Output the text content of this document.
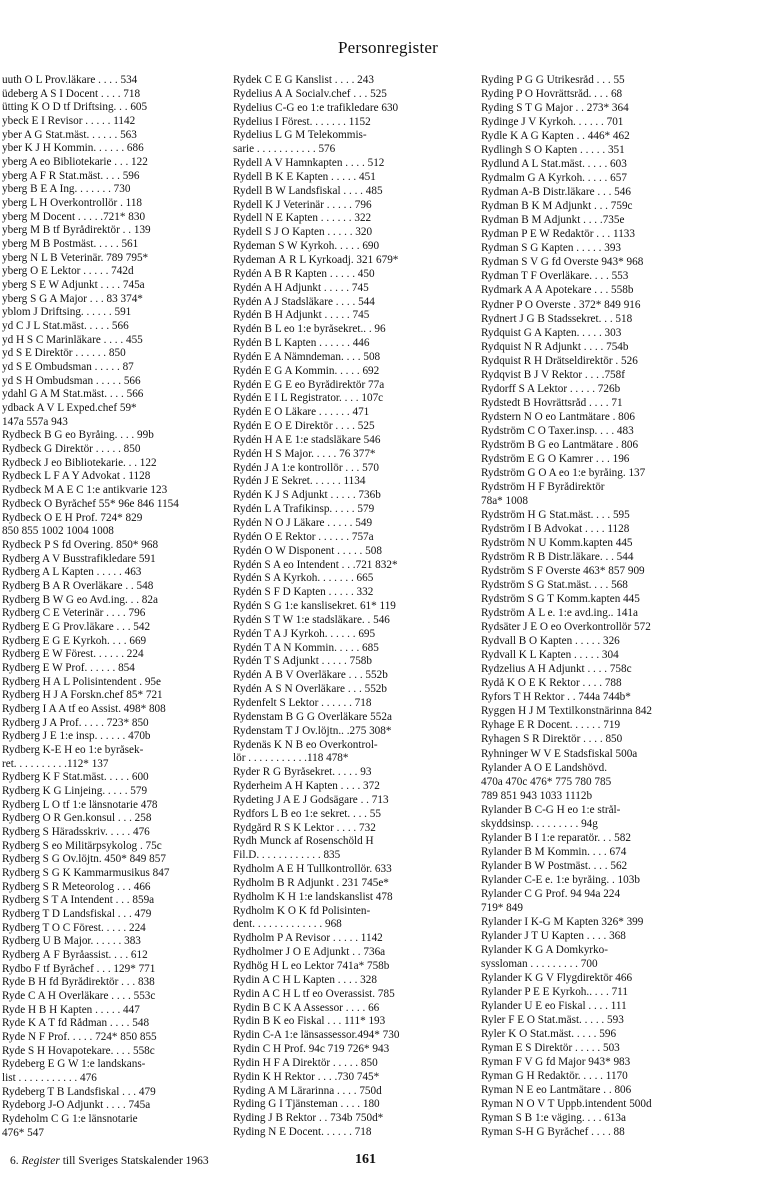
Personregister
uuth O L Prov.läkare . . . . 534
üdeberg A S I Docent . . . . 718
ütting K O D tf Driftsing. . . 605
ybeck E I Revisor . . . . . 1142
yber A G Stat.mäst. . . . . . 563
yber K J H Kommin. . . . . . 686
yberg A eo Bibliotekarie . . . 122
yberg A F R Stat.mäst. . . . 596
yberg B E A Ing. . . . . . . 730
yberg L H Överkontrollör . 118
yberg M Docent . . . . .721* 830
yberg M B tf Byrådirektör . . 139
yberg M B Postmäst. . . . . 561
yberg N L B Veterinär. 789 795*
yberg O E Lektor . . . . . 742d
yberg S E W Adjunkt . . . . 745a
yberg S G A Major . . . 83 374*
yblom J Driftsing. . . . . . 591
yd C J L Stat.mäst. . . . . 566
yd H S C Marinläkare . . . . 455
yd S E Direktör . . . . . . 850
yd S E Ombudsman . . . . . 87
yd S H Ombudsman . . . . . 566
ydahl G A M Stat.mäst. . . . 566
ydback A V L Exped.chef 59*
147a 557a 943
Rydbeck B G eo Byråing. . . . 99b
Rydbeck G Direktör . . . . . 850
Rydbeck J eo Bibliotekarie. . . 122
Rydbeck L F A Y Advokat . 1128
Rydbeck M A E C 1:e antikvarie 123
Rydbeck O Byråchef 55* 96e 846 1154
Rydbeck O E H Prof. 724* 829
850 855 1002 1004 1008
Rydbeck P S fd Övering. 850* 968
Rydberg A V Busstrafikledare 591
Rydberg A L Kapten . . . . . 463
Rydberg B A R Överläkare . . 548
Rydberg B W G eo Avd.ing. . . 82a
Rydberg C E Veterinär . . . . 796
Rydberg E G Prov.läkare . . . 542
Rydberg E G E Kyrkoh. . . . 669
Rydberg E W Förest. . . . . . 224
Rydberg E W Prof. . . . . . 854
Rydberg H A L Polisintendent . 95e
Rydberg H J A Forskn.chef 85* 721
Rydberg I A A tf eo Assist. 498* 808
Rydberg J A Prof. . . . . 723* 850
Rydberg J E 1:e insp. . . . . . 470b
Rydberg K-E H eo 1:e byråsek-
ret. . . . . . . . . .112* 137
Rydberg K F Stat.mäst. . . . . 600
Rydberg K G Linjeing. . . . . 579
Rydberg L O tf 1:e länsnotarie 478
Rydberg O R Gen.konsul . . . 258
Rydberg S Häradsskriv. . . . . 476
Rydberg S eo Militärpsykolog . 75c
Rydberg S G Öv.löjtn. 450* 849 857
Rydberg S G K Kammarmusikus 847
Rydberg S R Meteorolog . . . 466
Rydberg S T A Intendent . . . 859a
Rydberg T D Landsfiskal . . . 479
Rydberg T O C Förest. . . . . 224
Rydberg U B Major. . . . . . 383
Rydberg Å F Byråassist. . . . 612
Rydbo F tf Byråchef . . . 129* 771
Ryde B H fd Byrådirektör . . . 838
Ryde C A H Överläkare . . . . 553c
Ryde H B H Kapten . . . . . 447
Ryde K A T fd Rådman . . . . 548
Ryde N F Prof. . . . . 724* 850 855
Ryde S H Hovapotekare. . . . 558c
Rydeberg E G W 1:e landskans-
list . . . . . . . . . . . 476
Rydeberg T B Landsfiskal . . . 479
Rydeborg J-O Adjunkt . . . . 745a
Rydeholm C G 1:e länsnotarie
476* 547
Rydek C E G Kanslist . . . . 243
Rydelius A Å Socialv.chef . . . 525
Rydelius C-G eo 1:e trafikledare 630
Rydelius I Förest. . . . . . . 1152
Rydelius L G M Telekommis-
sarie . . . . . . . . . . . 576
Rydell A V Hamnkapten . . . . 512
Rydell B K E Kapten . . . . . 451
Rydell B W Landsfiskal . . . . 485
Rydell K J Veterinär . . . . . 796
Rydell N E Kapten . . . . . . 322
Rydell S J O Kapten . . . . . 320
Rydeman S W Kyrkoh. . . . . 690
Rydeman Å R L Kyrkoadj. 321 679*
Rydén A B R Kapten . . . . . 450
Rydén A H Adjunkt . . . . . 745
Rydén A J Stadsläkare . . . . 544
Rydén B H Adjunkt . . . . . 745
Rydén B L eo 1:e byråsekret.. . 96
Rydén B L Kapten . . . . . . 446
Rydén E A Nämndeman. . . . 508
Rydén E G A Kommin. . . . . 692
Rydén E G E eo Byrådirektör 77a
Rydén E I L Registrator. . . . 107c
Rydén E O Läkare . . . . . . 471
Rydén E O E Direktör . . . . 525
Rydén H A E 1:e stadsläkare 546
Rydén H S Major. . . . . 76 377*
Rydén J A 1:e kontrollör . . . 570
Rydén J E Sekret. . . . . . 1134
Rydén K J S Adjunkt . . . . . 736b
Rydén L A Trafikinsp. . . . . 579
Rydén N O J Läkare . . . . . 549
Rydén O E Rektor . . . . . . 757a
Rydén O W Disponent . . . . . 508
Rydén S A eo Intendent . . .721 832*
Rydén S A Kyrkoh. . . . . . . 665
Rydén S F D Kapten . . . . . 332
Rydén S G 1:e kanslisekret. 61* 119
Rydén S T W 1:e stadsläkare. . 546
Rydén T A J Kyrkoh. . . . . . 695
Rydén T A N Kommin. . . . . 685
Rydén T S Adjunkt . . . . . 758b
Rydén Å B V Överläkare . . . 552b
Rydén Å S N Överläkare . . . 552b
Rydenfelt S Lektor . . . . . . 718
Rydenstam B G G Överläkare 552a
Rydenstam T J Öv.löjtn.. .275 308*
Rydenäs K N B eo Överkontrol-
lör . . . . . . . . . . .118 478*
Ryder R G Byråsekret. . . . . 93
Ryderheim A H Kapten . . . . 372
Rydeting J A E J Godsägare . . 713
Rydfors L B eo 1:e sekret. . . . 55
Rydgård R S K Lektor . . . . 732
Rydh Munck af Rosenschöld H
Fil.D. . . . . . . . . . . . 835
Rydholm A E H Tullkontrollör. 633
Rydholm B R Adjunkt . 231 745e*
Rydholm K H 1:e landskanslist 478
Rydholm K O K fd Polisinten-
dent. . . . . . . . . . . . . 968
Rydholm P A Revisor . . . . . 1142
Rydholmer J O E Adjunkt . . 736a
Rydhög H L eo Lektor 741a* 758b
Rydin A C H L Kapten . . . . 328
Rydin A C H L tf eo Överassist. 785
Rydin B C K A Assessor . . . . 66
Rydin B K eo Fiskal . . . 111* 193
Rydin C-A 1:e länsassessor.494* 730
Rydin C H Prof. 94c 719 726* 943
Rydin H F A Direktör . . . . . 850
Rydin K H Rektor . . . .730 745*
Ryding A M Lärarinna . . . . 750d
Ryding G I Tjänsteman . . . . 180
Ryding J B Rektor . . 734b 750d*
Ryding N E Docent. . . . . . 718
Ryding P G G Utrikesråd . . . 55
Ryding P O Hovrättsråd. . . . 68
Ryding S T G Major . . 273* 364
Rydinge J V Kyrkoh. . . . . . 701
Rydle K A G Kapten . . 446* 462
Rydlingh S O Kapten . . . . . 351
Rydlund A L Stat.mäst. . . . . 603
Rydmalm G A Kyrkoh. . . . . 657
Rydman A-B Distr.läkare . . . 546
Rydman B K M Adjunkt . . . 759c
Rydman B M Adjunkt . . . .735e
Rydman P E W Redaktör . . . 1133
Rydman S G Kapten . . . . . 393
Rydman S V G fd Överste 943* 968
Rydman T F Överläkare. . . . 553
Rydmark A Å Apotekare . . . 558b
Rydner P O Överste . 372* 849 916
Rydnert J G B Stadssekret. . . 518
Rydquist G A Kapten. . . . . 303
Rydquist N R Adjunkt . . . . 754b
Rydquist R H Drätseldirektör . 526
Rydqvist B J V Rektor . . . .758f
Rydorff S A Lektor . . . . . 726b
Rydstedt B Hovrättsråd . . . . 71
Rydstern N O eo Lantmätare . 806
Rydström C O Taxer.insp. . . . 483
Rydström B G eo Lantmätare . 806
Rydström E G O Kamrer . . . 196
Rydström G O A eo 1:e byråing. 137
Rydström H F Byrådirektör
78a* 1008
Rydström H G Stat.mäst. . . . 595
Rydström I B Advokat . . . . 1128
Rydström N U Komm.kapten 445
Rydström R B Distr.läkare. . . 544
Rydström S F Överste 463* 857 909
Rydström S G Stat.mäst. . . . 568
Rydström S G T Komm.kapten 445
Rydström Å L e. 1:e avd.ing.. 141a
Rydsäter J E O eo Överkontrollör 572
Rydvall B O Kapten . . . . . 326
Rydvall K L Kapten . . . . . 304
Rydzelius A H Adjunkt . . . . 758c
Rydå K O E K Rektor . . . . 788
Ryfors T H Rektor . . 744a 744b*
Ryggen H J M Textilkonstnärinna 842
Ryhage E R Docent. . . . . . 719
Ryhagen S R Direktör . . . . 850
Ryhninger W V E Stadsfiskal 500a
Rylander A O E Landshövd.
470a 470c 476* 775 780 785
789 851 943 1033 1112b
Rylander B C-G H eo 1:e strål-
skyddsinsp. . . . . . . . . 94g
Rylander B I 1:e reparatör. . . 582
Rylander B M Kommin. . . . 674
Rylander B W Postmäst. . . . 562
Rylander C-E e. 1:e byråing. . 103b
Rylander C G Prof. 94 94a 224
719* 849
Rylander I K-G M Kapten 326* 399
Rylander J T U Kapten . . . . 368
Rylander K G A Domkyrko-
syssloman . . . . . . . . . 700
Rylander K G V Flygdirektör 466
Rylander P E E Kyrkoh.. . . . 711
Rylander U E eo Fiskal . . . . 111
Ryler F E O Stat.mäst. . . . . 593
Ryler K O Stat.mäst. . . . . 596
Ryman E S Direktör . . . . . 503
Ryman F V G fd Major 943* 983
Ryman G H Redaktör. . . . . 1170
Ryman N E eo Lantmätare . . 806
Ryman N O V T Uppb.intendent 500d
Ryman S B 1:e väging. . . . 613a
Ryman S-H G Byråchef . . . . 88
6. Register till Sveriges Statskalender 1963	161
